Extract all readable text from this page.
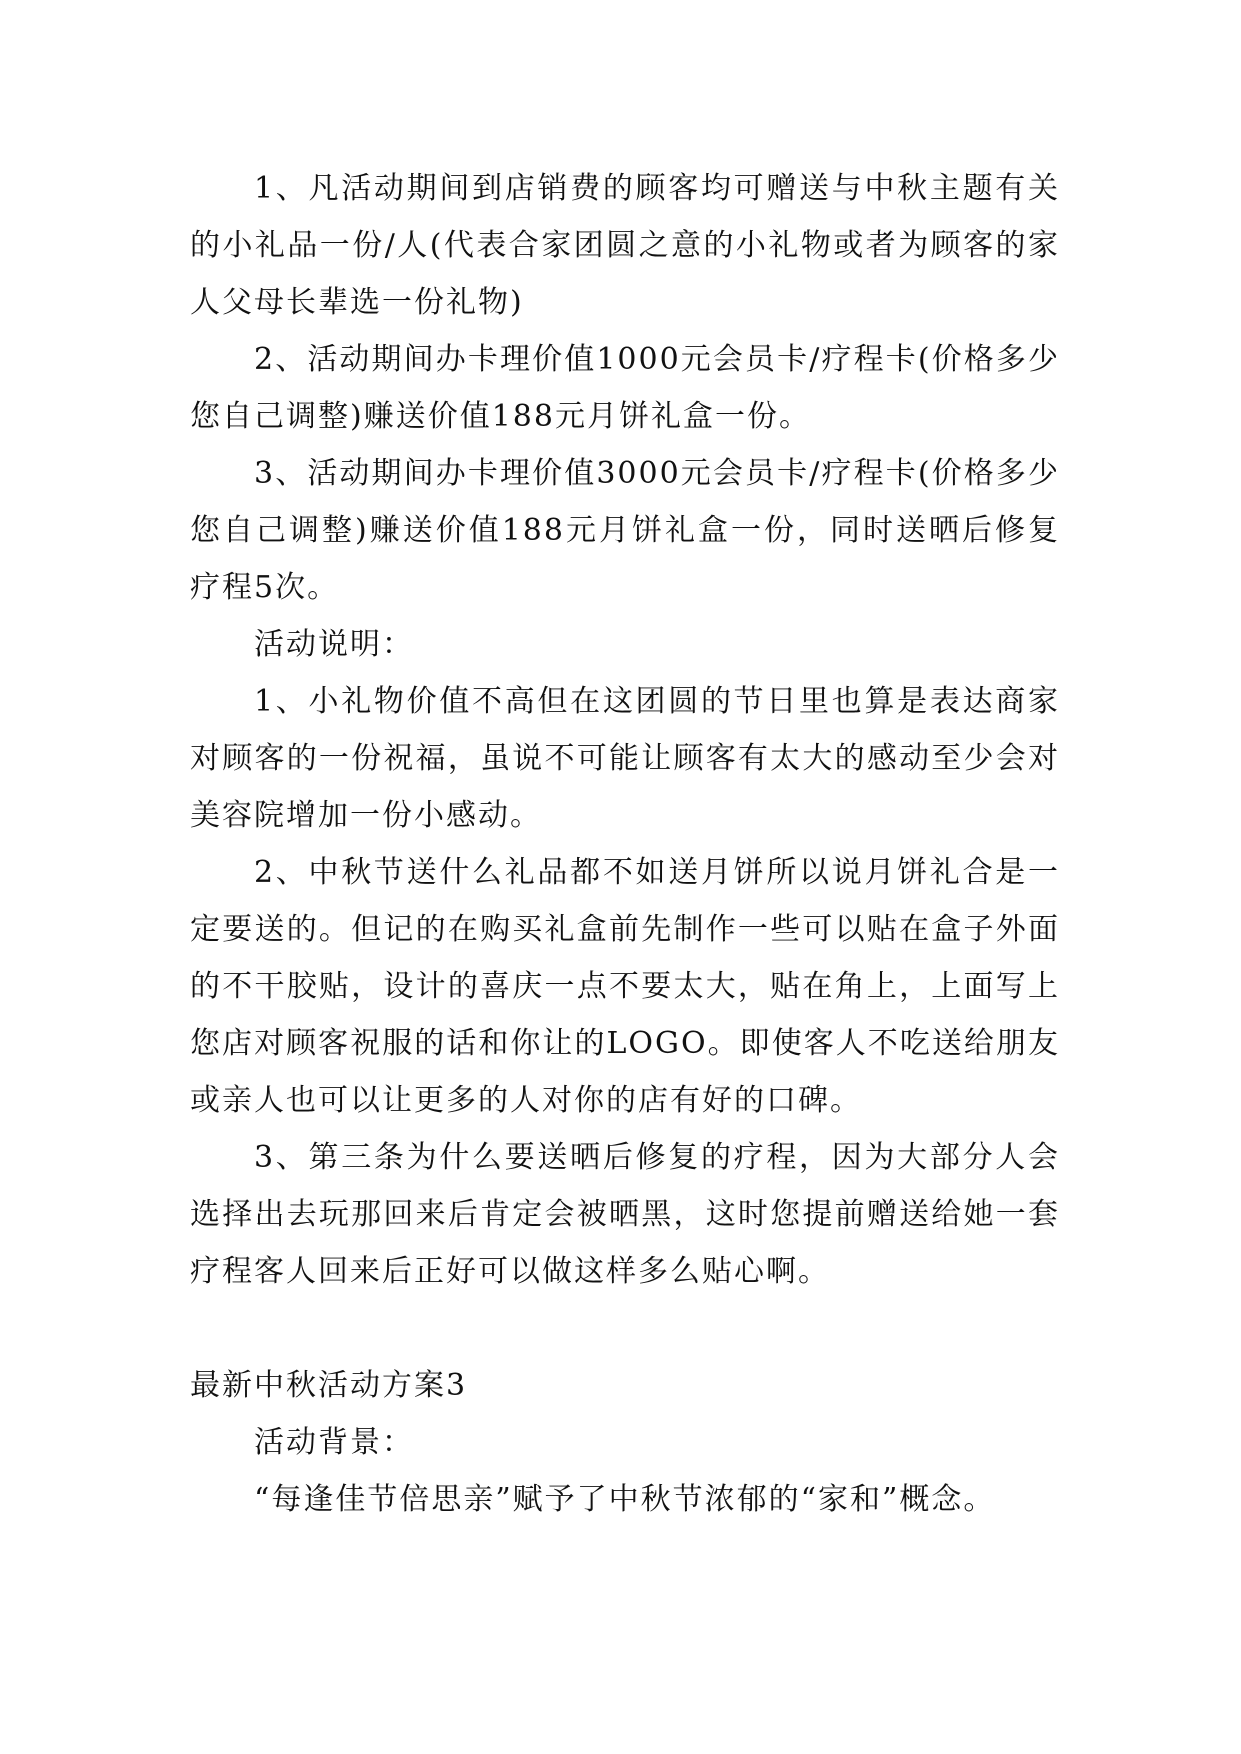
1、凡活动期间到店销费的顾客均可赠送与中秋主题有关的小礼品一份/人(代表合家团圆之意的小礼物或者为顾客的家人父母长辈选一份礼物)

2、活动期间办卡理价值1000元会员卡/疗程卡(价格多少您自己调整)赚送价值188元月饼礼盒一份。

3、活动期间办卡理价值3000元会员卡/疗程卡(价格多少您自己调整)赚送价值188元月饼礼盒一份，同时送晒后修复疗程5次。

活动说明：

1、小礼物价值不高但在这团圆的节日里也算是表达商家对顾客的一份祝福，虽说不可能让顾客有太大的感动至少会对美容院增加一份小感动。

2、中秋节送什么礼品都不如送月饼所以说月饼礼合是一定要送的。但记的在购买礼盒前先制作一些可以贴在盒子外面的不干胶贴，设计的喜庆一点不要太大，贴在角上，上面写上您店对顾客祝服的话和你让的LOGO。即使客人不吃送给朋友或亲人也可以让更多的人对你的店有好的口碑。

3、第三条为什么要送晒后修复的疗程，因为大部分人会选择出去玩那回来后肯定会被晒黑，这时您提前赠送给她一套疗程客人回来后正好可以做这样多么贴心啊。

最新中秋活动方案3

活动背景：

“每逢佳节倍思亲”赋予了中秋节浓郁的“家和”概念。
